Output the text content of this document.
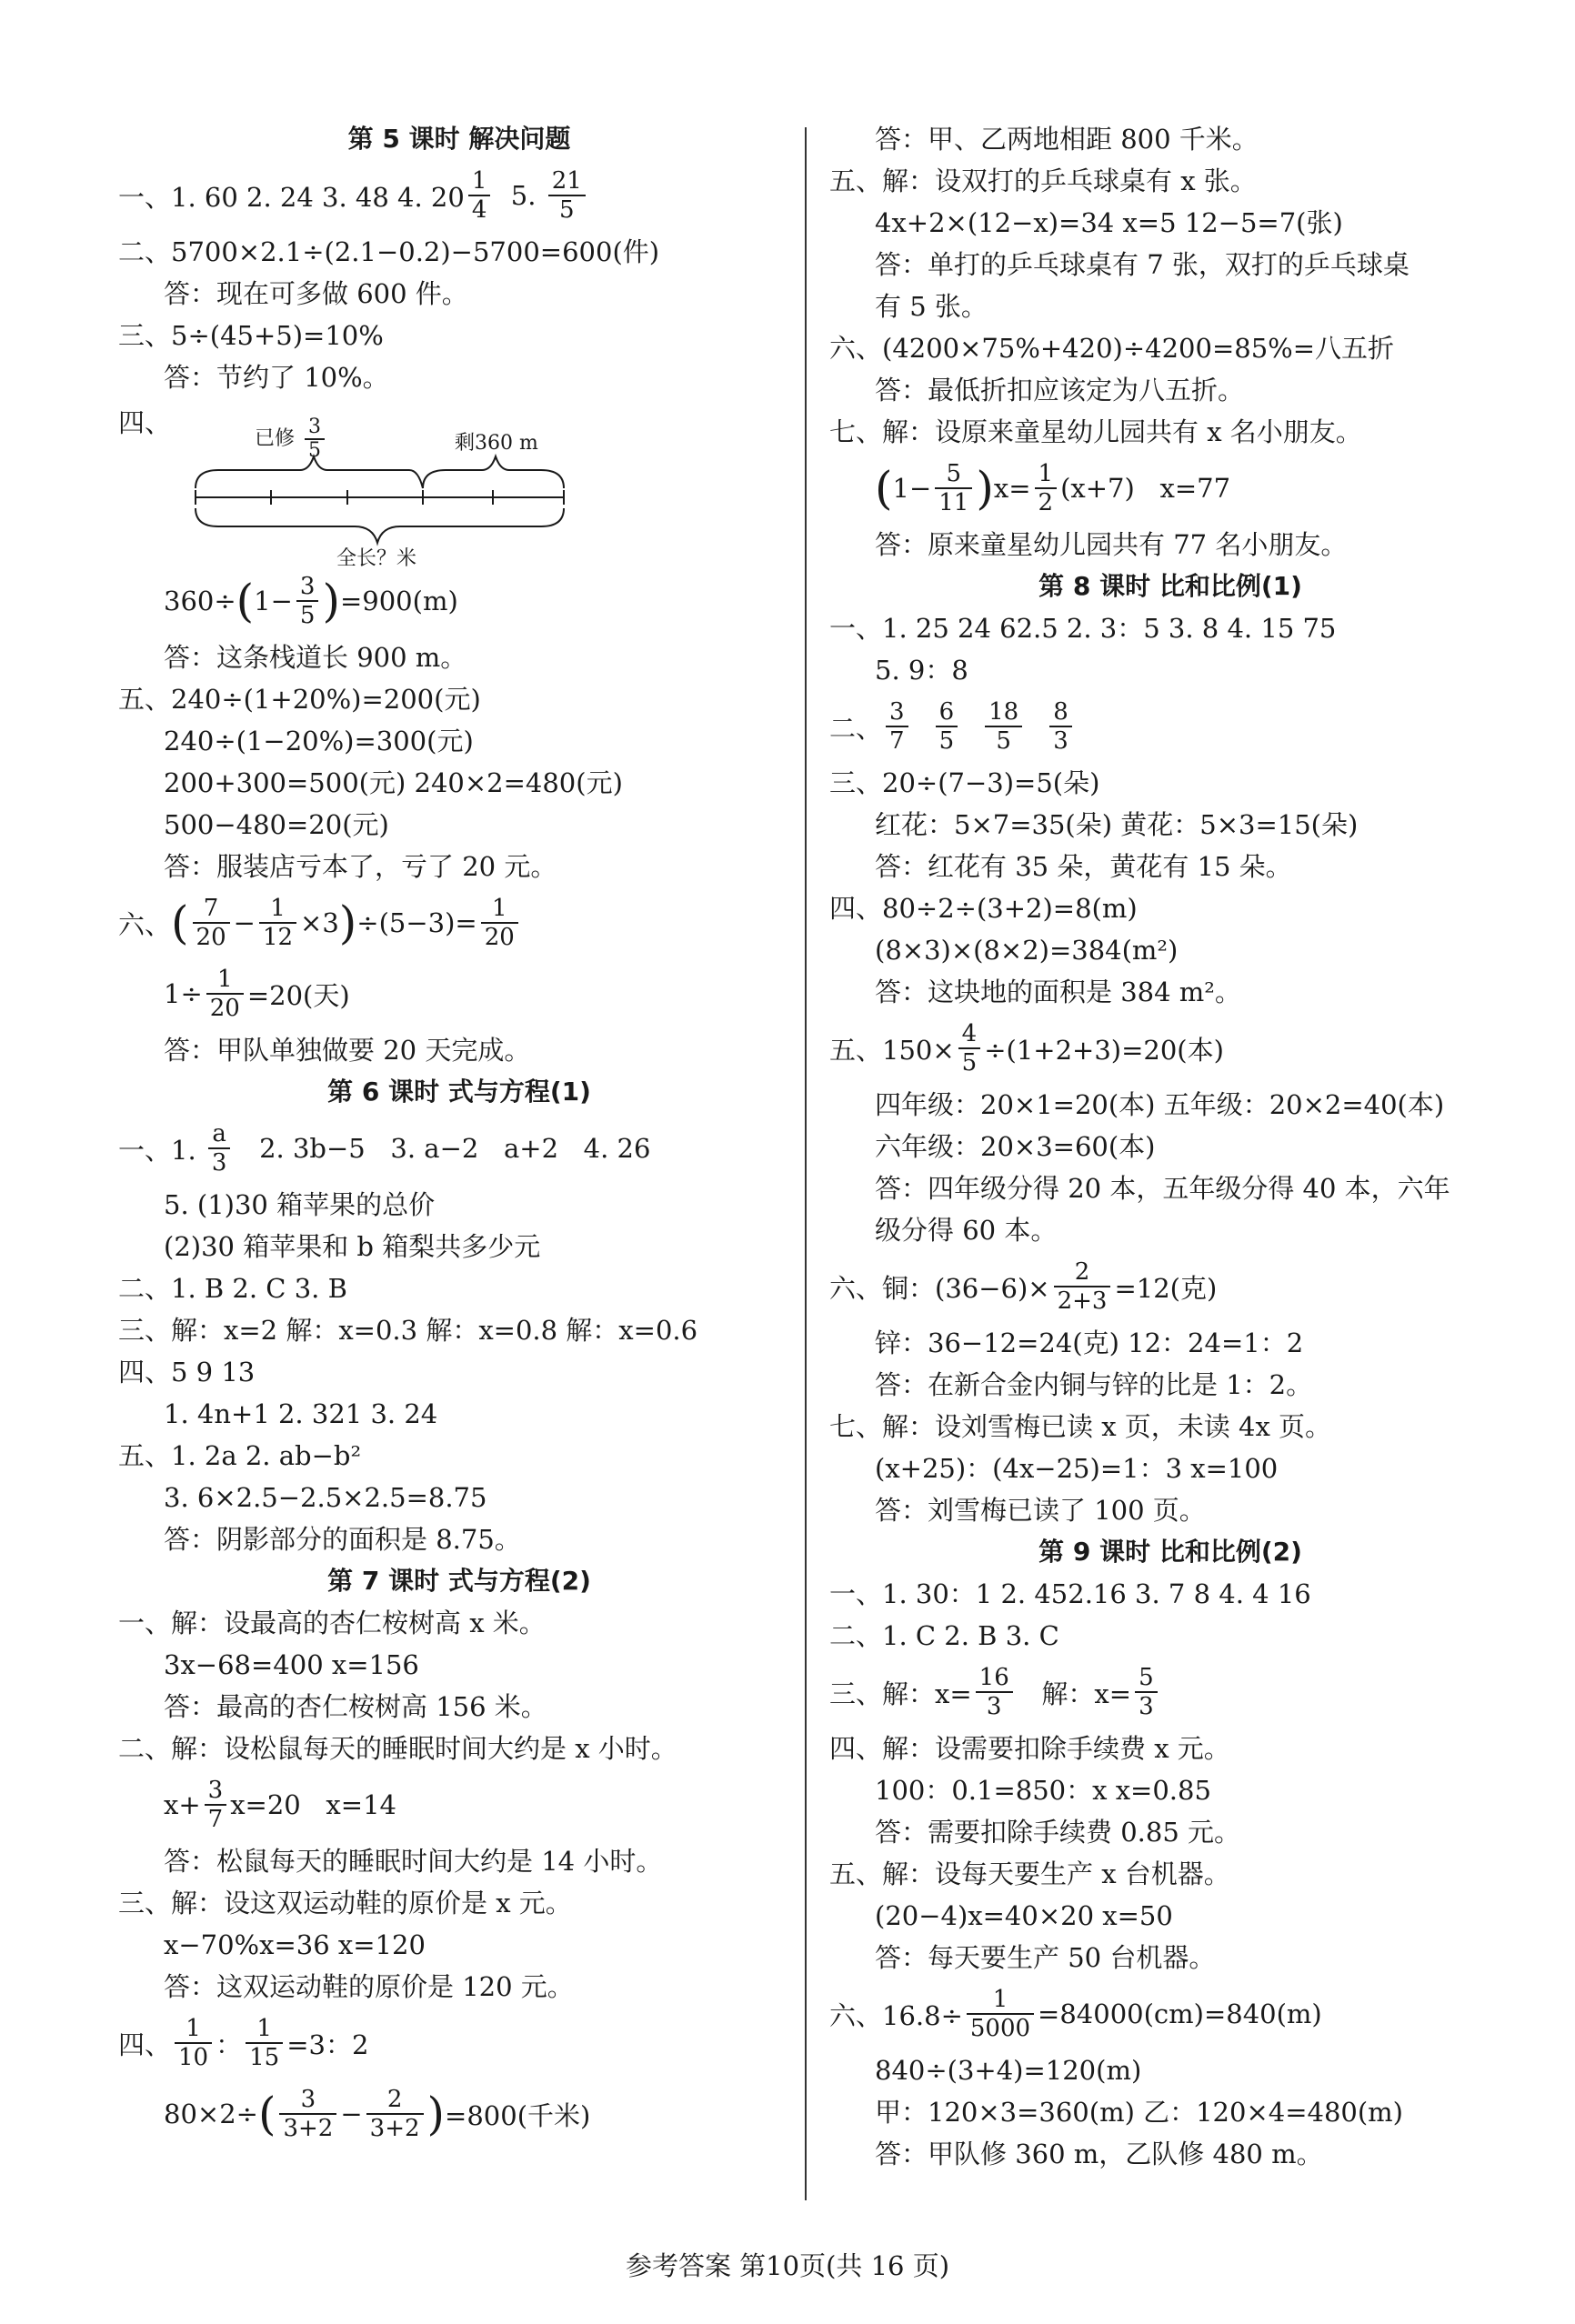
第 5 课时 解决问题
一、1. 60 2. 24 3. 48 4. $20 \frac{1}{4} 5$. $\frac{21}{5}$
二、5700×2.1÷(2.1−0.2)−5700=600(件)
答：现在可多做 600 件。
三、5÷(45+5)=10%
答：节约了 10%。
四、
已修 $\frac{3}{5}$	剩360 m
全长？米
360÷ ( $1- \frac{3}{5}$ ) =900(m)
答：这条栈道长 900 m。
五、240÷(1+20%)=200(元)
240÷(1−20%)=300(元)
200+300=500(元) 240×2=480(元)
500−480=20(元)
答：服装店亏本了，亏了 20 元。
六、 ( $\frac{7}{20} - \frac{1}{12} \times 3$ ) $\div(5-3)= \frac{1}{20}$
$1\div \frac{1}{20} =20$(天)
答：甲队单独做要 20 天完成。
第 6 课时 式与方程(1)
一、1. $\frac{a}{3} 2$. 3b−5   3. a−2   a+2   4. 26
5. (1)30 箱苹果的总价
(2)30 箱苹果和 b 箱梨共多少元
二、1. B 2. C 3. B
三、解：x=2 解：x=0.3 解：x=0.8 解：x=0.6
四、5 9 13
1. 4n+1 2. 321 3. 24
五、1. 2a 2. ab−b²
3. 6×2.5−2.5×2.5=8.75
答：阴影部分的面积是 8.75。
第 7 课时 式与方程(2)
一、解：设最高的杏仁桉树高 x 米。
3x−68=400 x=156
答：最高的杏仁桉树高 156 米。
二、解：设松鼠每天的睡眠时间大约是 x 小时。
$x+ \frac{3}{7} x=20$   x=14
答：松鼠每天的睡眠时间大约是 14 小时。
三、解：设这双运动鞋的原价是 x 元。
x−70%x=36 x=120
答：这双运动鞋的原价是 120 元。
四、 $\frac{1}{10}$ ： $\frac{1}{15} =3$：2
80×2÷ ( $\frac{3}{3+2} - \frac{2}{3+2}$ ) =800(千米)
答：甲、乙两地相距 800 千米。
五、解：设双打的乒乓球桌有 x 张。
4x+2×(12−x)=34 x=5 12−5=7(张)
答：单打的乒乓球桌有 7 张，双打的乒乓球桌
有 5 张。
六、(4200×75%+420)÷4200=85%=八五折
答：最低折扣应该定为八五折。
七、解：设原来童星幼儿园共有 x 名小朋友。
( $1- \frac{5}{11}$ ) $x= \frac{1}{2} (x+7)$   x=77
答：原来童星幼儿园共有 77 名小朋友。
第 8 课时 比和比例(1)
一、1. 25 24 62.5 2. 3：5 3. 8 4. 15 75
5. 9：8
二、 $\frac{3}{7} \frac{6}{5} \frac{18}{5} \frac{8}{3}$
三、20÷(7−3)=5(朵)
红花：5×7=35(朵) 黄花：5×3=15(朵)
答：红花有 35 朵，黄花有 15 朵。
四、80÷2÷(3+2)=8(m)
(8×3)×(8×2)=384(m²)
答：这块地的面积是 384 m²。
五、$150\times \frac{4}{5} \div(1+2+3)=20$(本)
四年级：20×1=20(本) 五年级：20×2=40(本)
六年级：20×3=60(本)
答：四年级分得 20 本，五年级分得 40 本，六年
级分得 60 本。
六、铜：$(36-6)\times \frac{2}{2+3} =12$(克)
锌：36−12=24(克) 12：24=1：2
答：在新合金内铜与锌的比是 1：2。
七、解：设刘雪梅已读 x 页，未读 4x 页。
(x+25)：(4x−25)=1：3 x=100
答：刘雪梅已读了 100 页。
第 9 课时 比和比例(2)
一、1. 30：1 2. 452.16 3. 7 8 4. 4 16
二、1. C 2. B 3. C
三、解：$x= \frac{16}{3}$ 解：$x= \frac{5}{3}$
四、解：设需要扣除手续费 x 元。
100：0.1=850：x x=0.85
答：需要扣除手续费 0.85 元。
五、解：设每天要生产 x 台机器。
(20−4)x=40×20 x=50
答：每天要生产 50 台机器。
六、$16.8\div \frac{1}{5000} =84000(cm)=840(m)$
840÷(3+4)=120(m)
甲：120×3=360(m) 乙：120×4=480(m)
答：甲队修 360 m，乙队修 480 m。
参考答案 第10页(共 16 页)
